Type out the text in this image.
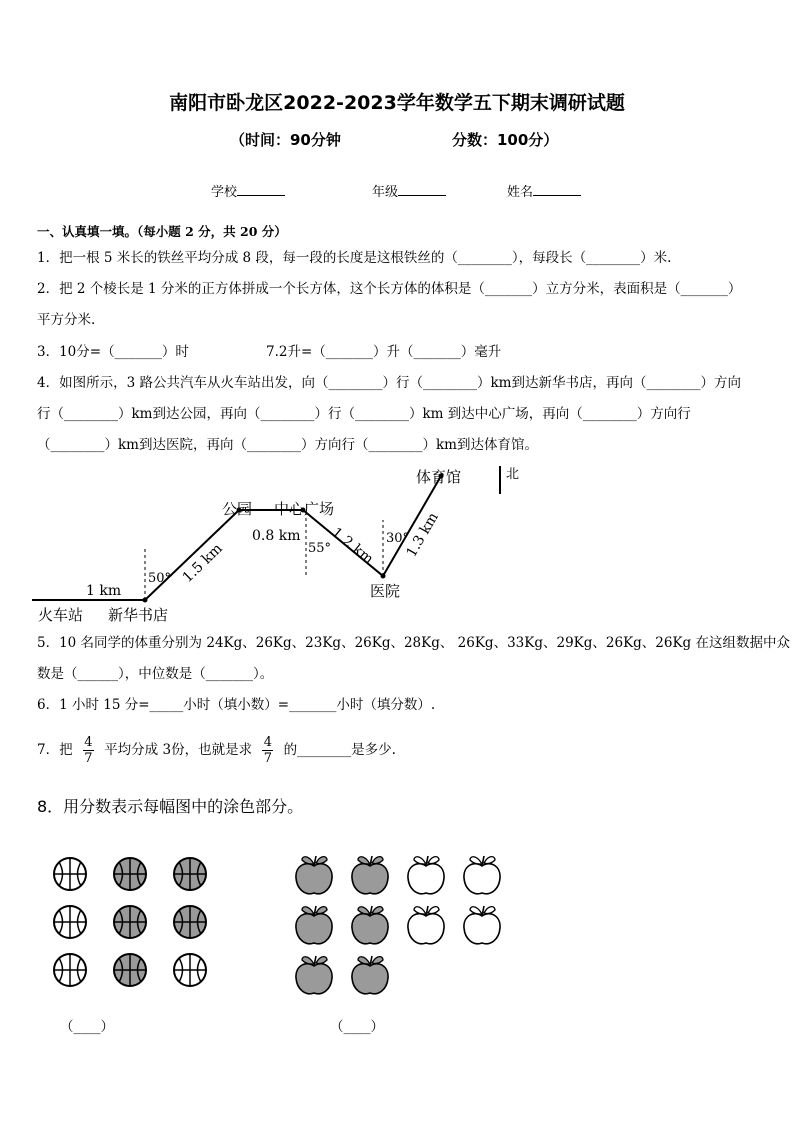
南阳市卧龙区2022-2023学年数学五下期末调研试题
（时间：90分钟	分数：100分）
学校	年级	姓名
一、认真填一填。（每小题 2 分，共 20 分）
1．把一根 5 米长的铁丝平均分成 8 段，每一段的长度是这根铁丝的（________），每段长（________）米.
2．把 2 个棱长是 1 分米的正方体拼成一个长方体，这个长方体的体积是（_______）立方分米，表面积是（_______）
平方分米.
3．10分=（_______）时	7.2升=（_______）升（_______）毫升
4．如图所示，3 路公共汽车从火车站出发，向（________）行（________）km到达新华书店，再向（________）方向
行（________）km到达公园，再向（________）行（________）km 到达中心广场，再向（________）方向行
（________）km到达医院，再向（________）方向行（________）km到达体育馆。
北
1 km
1.5 km
0.8 km 1.2 km 1.3 km
50°
55°
30°
火车站 新华书店
公园 中心广场
医院
体育馆
5．10 名同学的体重分别为 24Kg、26Kg、23Kg、26Kg、28Kg、 26Kg、33Kg、29Kg、26Kg、26Kg 在这组数据中众
数是（______），中位数是（_______）。
6．1 小时 15 分=_____小时（填小数）=_______小时（填分数）.
7．把 $\frac{4}{7}$ 平均分成 3份，也就是求 $\frac{4}{7}$ 的________是多少.
8．用分数表示每幅图中的涂色部分。
（____）	（____）
